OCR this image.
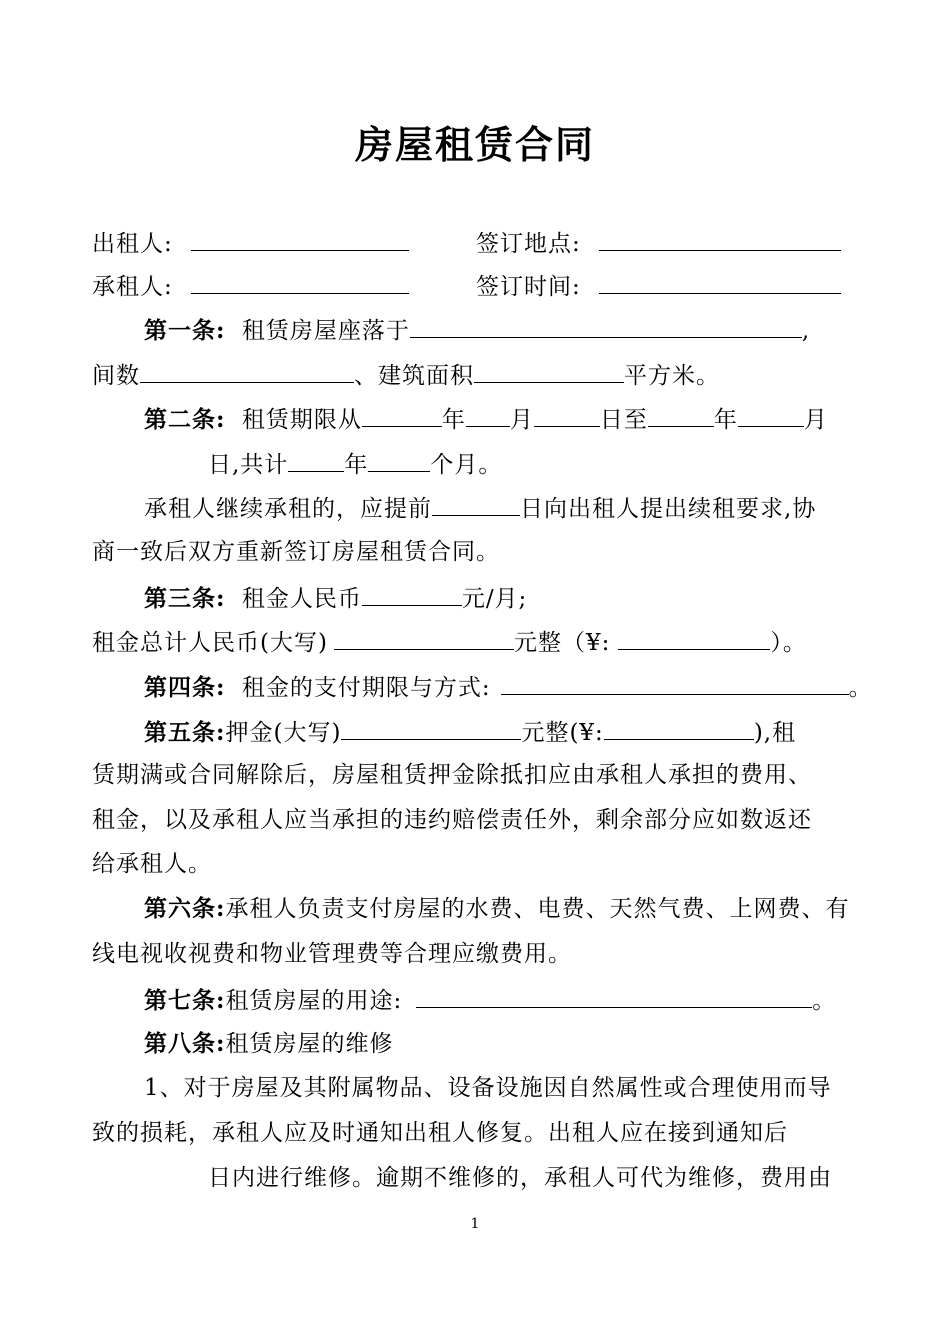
房屋租赁合同
出租人:	签订地点:
承租人:	签订时间:
第一条: 租赁房屋座落于	,
间数	、建筑面积	平方米。
第二条: 租赁期限从	年 月	日至	年	月
日,共计 年	个月。
承租人继续承租的，应提前	日向出租人提出续租要求,协
商一致后双方重新签订房屋租赁合同。
第三条: 租金人民币	元/月;
租金总计人民币(大写)	元整（¥:	）。
第四条: 租金的支付期限与方式:	。
第五条:押金(大写)	元整(¥:	),租
赁期满或合同解除后，房屋租赁押金除抵扣应由承租人承担的费用、
租金，以及承租人应当承担的违约赔偿责任外，剩余部分应如数返还
给承租人。
第六条:承租人负责支付房屋的水费、电费、天然气费、上网费、有
线电视收视费和物业管理费等合理应缴费用。
第七条:租赁房屋的用途:	。
第八条:租赁房屋的维修
1、对于房屋及其附属物品、设备设施因自然属性或合理使用而导
致的损耗，承租人应及时通知出租人修复。出租人应在接到通知后
日内进行维修。逾期不维修的，承租人可代为维修，费用由
1
